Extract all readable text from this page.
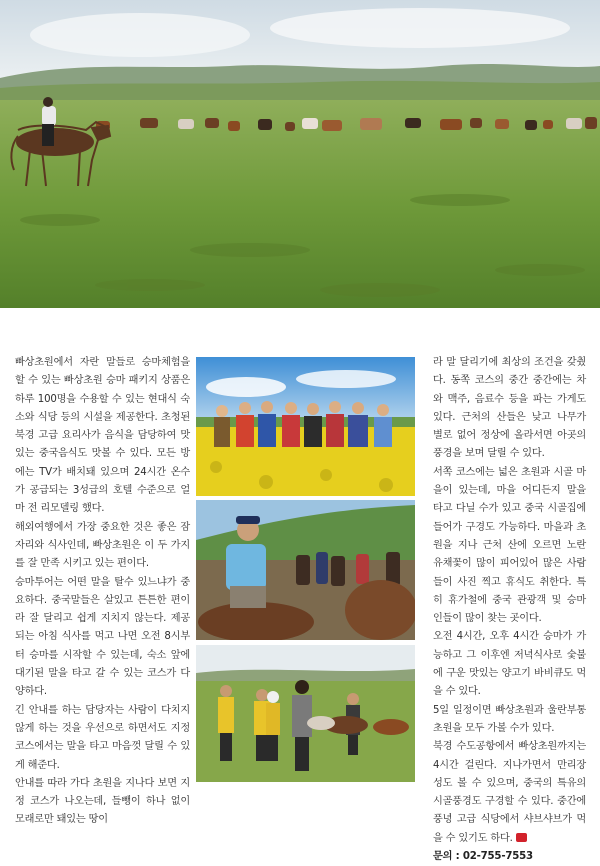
빠상초원에서 자란 말들로 승마체험을 할 수 있는 빠상초원 승마 패키지 상품은 하루 100명을 수용할 수 있는 현대식 숙소와 식당 등의 시설을 제공한다. 초청된 북경 고급 요리사가 음식을 담당하여 맛있는 중국음식도 맛볼 수 있다. 모든 방에는 TV가 배치돼 있으며 24시간 온수가 공급되는 3성급의 호텔 수준으로 얼마 전 리모델링 했다.

해외여행에서 가장 중요한 것은 좋은 잠자리와 식사인데, 빠상초원은 이 두 가지를 잘 만족 시키고 있는 편이다.

승마투어는 어떤 말을 탈수 있느냐가 중요하다. 중국말들은 살있고 튼튼한 편이라 잘 달리고 쉽게 지치지 않는다. 제공되는 아침 식사를 먹고 나면 오전 8시부터 승마를 시작할 수 있는데, 숙소 앞에 대기된 말을 타고 갈 수 있는 코스가 다양하다.

긴 안내를 하는 담당자는 사람이 다치지 않게 하는 것을 우선으로 하면서도 지정 코스에서는 말을 타고 마음껏 달릴 수 있게 해준다.

안내를 따라 가다 초원을 지나다 보면 지정 코스가 나오는데, 들뺑이 하나 없이 모래로만 돼있는 땅이

라 말 달리기에 최상의 조건을 갖췄다. 동쪽 코스의 중간 중간에는 차와 맥주, 음료수 등을 파는 가게도 있다. 근처의 산들은 낮고 나무가 별로 없어 정상에 올라서면 아곳의 풍경을 보며 달릴 수 있다.

서쪽 코스에는 넓은 초원과 시골 마을이 있는데, 마을 어디든지 말을 타고 다닐 수가 있고 중국 시골집에 들어가 구경도 가능하다. 마을과 초원을 지나 근처 산에 오르면 노란 유채꽃이 많이 피어있어 많은 사람들이 사진 찍고 휴식도 취한다. 특히 휴가철에 중국 관광객 및 승마 인들이 많이 찾는 곳이다.

오전 4시간, 오후 4시간 승마가 가능하고 그 이후엔 저녁식사로 숯불에 구운 맛있는 양고기 바비큐도 먹을 수 있다.

5일 일정이면 빠상초원과 울란부통초원을 모두 가볼 수가 있다.

북경 수도공항에서 빠상초원까지는 4시간 걸린다. 지나가면서 만리장성도 볼 수 있으며, 중국의 특유의 시골풍경도 구경할 수 있다. 중간에 풍녕 고급 식당에서 샤브샤브가 먹을 수 있기도 하다.

문의 : 02-755-7553
